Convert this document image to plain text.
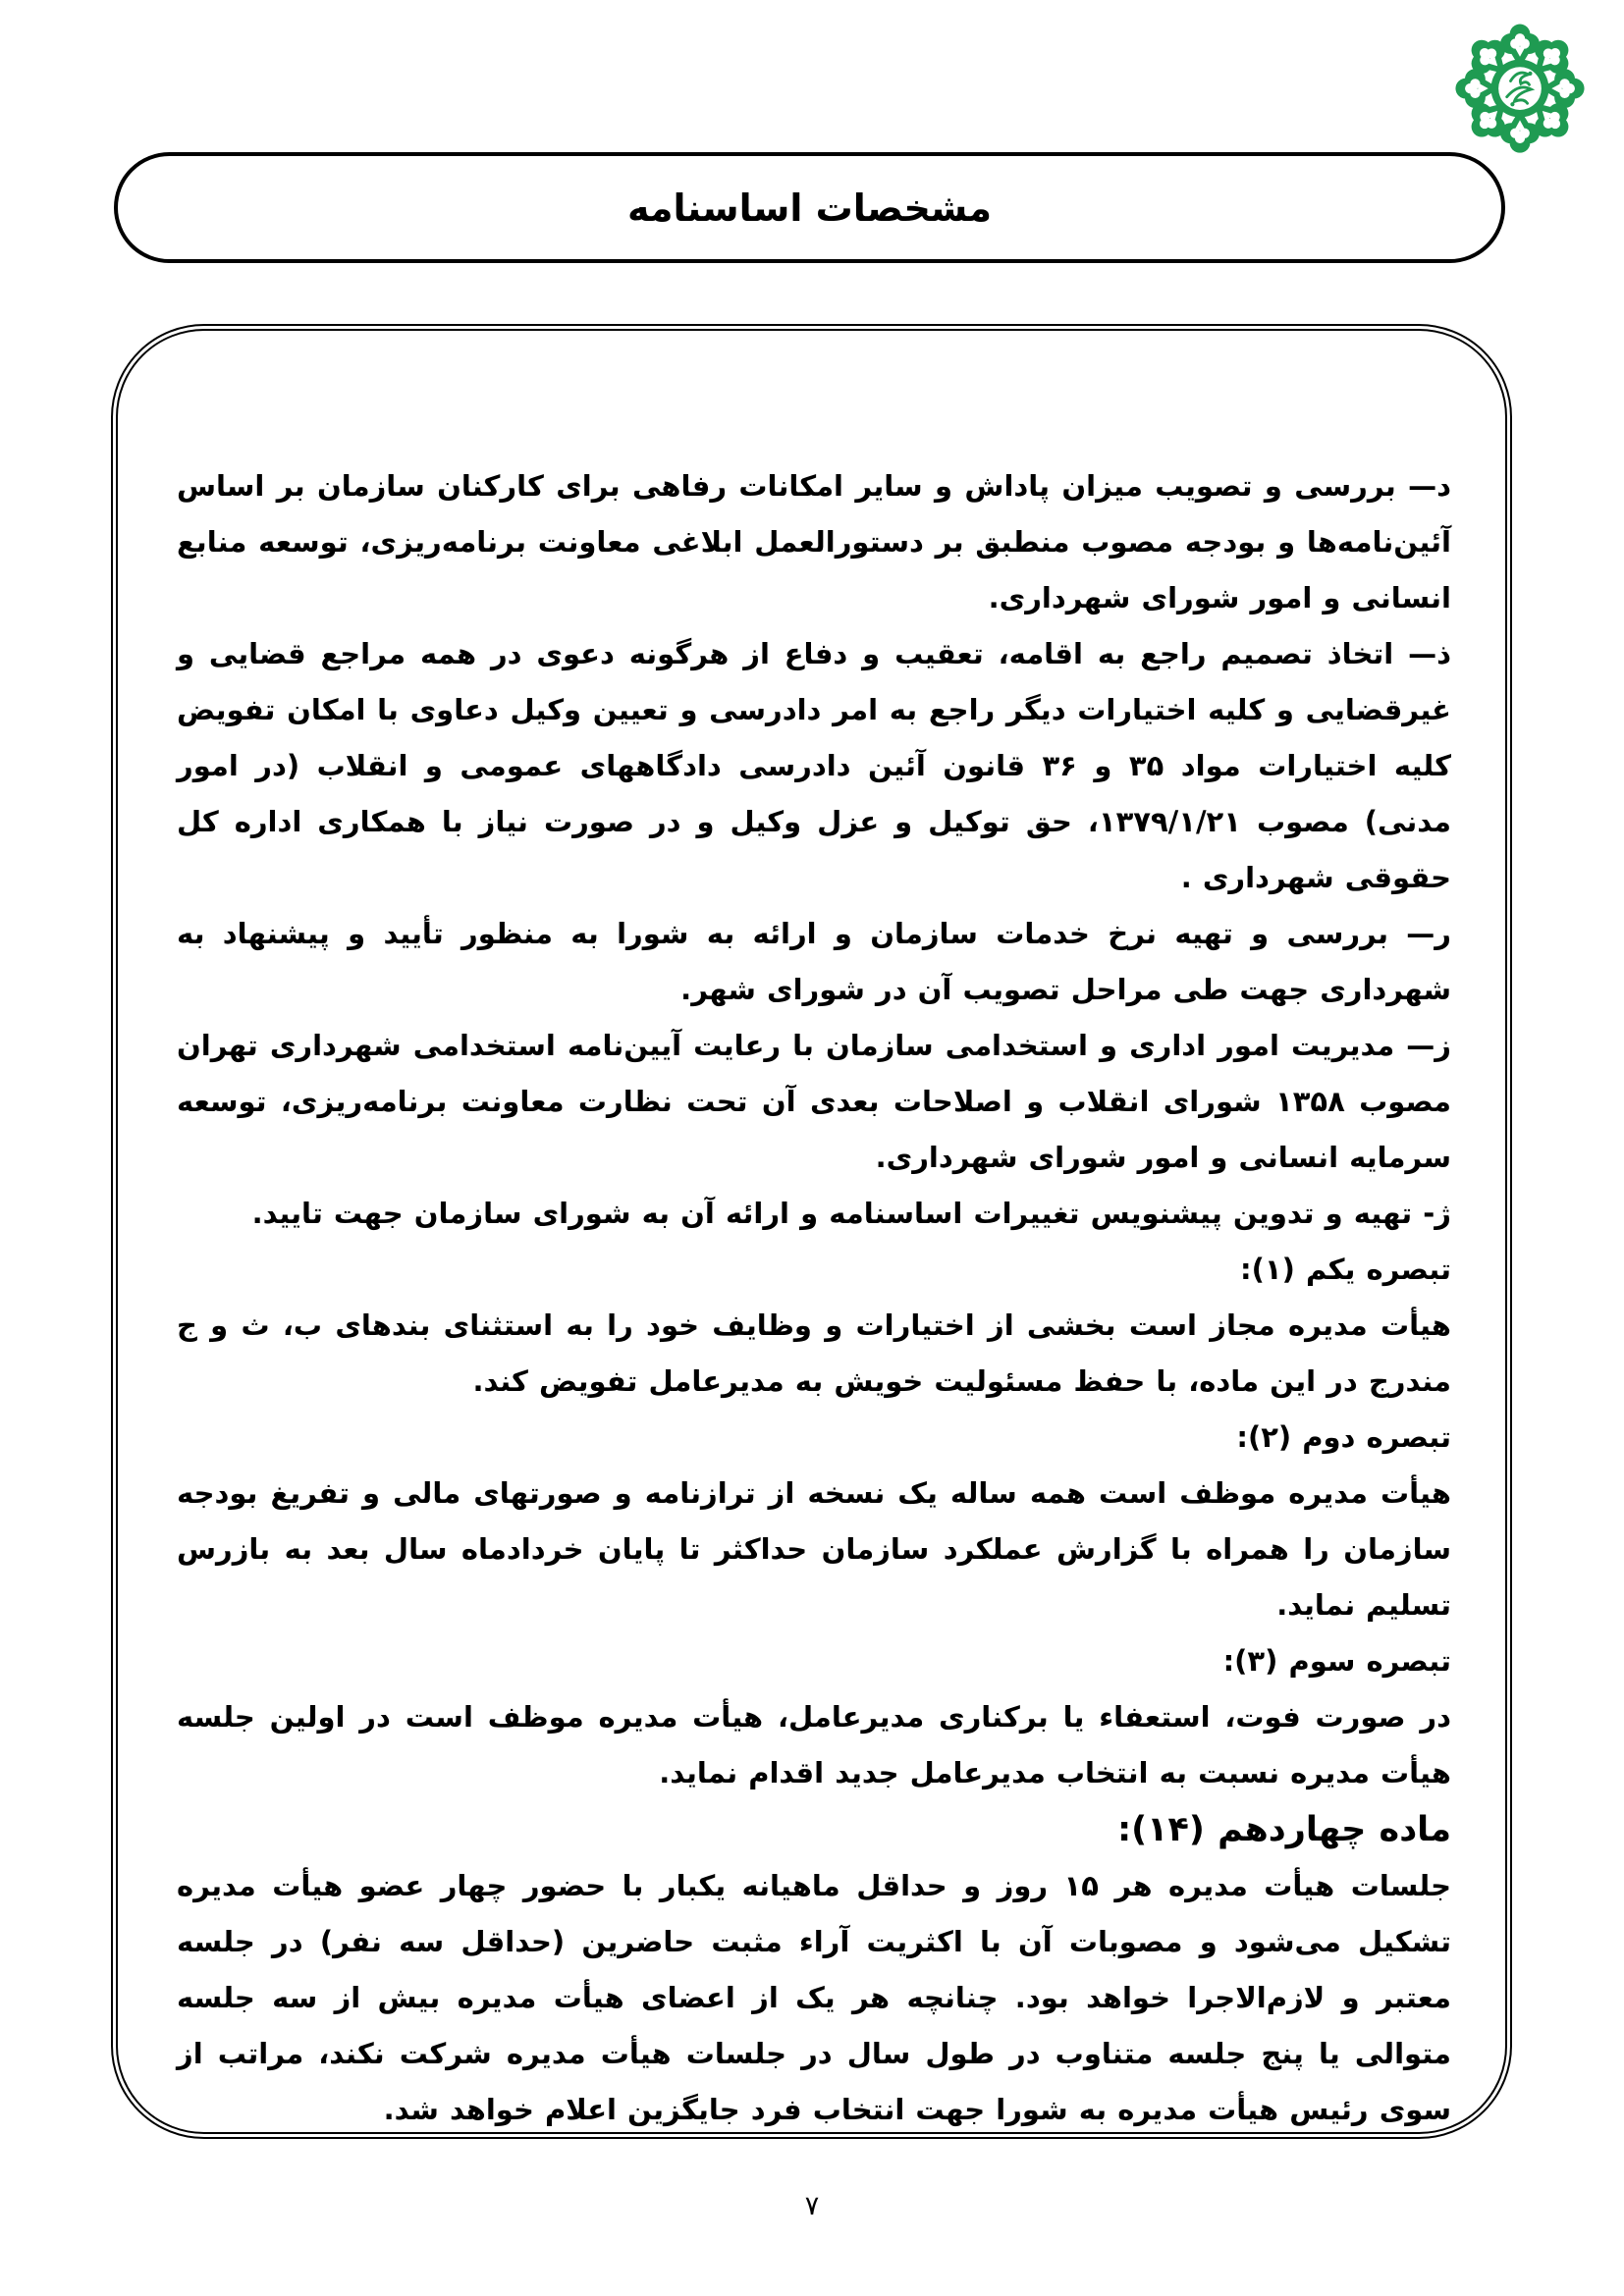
مشخصات اساسنامه
د— بررسی و تصویب میزان پاداش و سایر امکانات رفاهی برای کارکنان سازمان بر اساس آئین‌نامه‌ها و بودجه مصوب منطبق بر دستورالعمل ابلاغی معاونت برنامه‌ریزی، توسعه منابع انسانی و امور شورای شهرداری.
ذ— اتخاذ تصمیم راجع به اقامه، تعقیب و دفاع از هرگونه دعوی در همه مراجع قضایی و غیرقضایی و کلیه اختیارات دیگر راجع به امر دادرسی و تعیین وکیل دعاوی با امکان تفویض کلیه اختیارات مواد ۳۵ و ۳۶ قانون آئین دادرسی دادگاههای عمومی و انقلاب (در امور مدنی) مصوب ۱۳۷۹/۱/۲۱، حق توکیل و عزل وکیل و در صورت نیاز با همکاری اداره کل حقوقی شهرداری .
ر— بررسی و تهیه نرخ خدمات سازمان و ارائه به شورا به منظور تأیید و پیشنهاد به شهرداری جهت طی مراحل تصویب آن در شورای شهر.
ز— مدیریت امور اداری و استخدامی سازمان با رعایت آیین‌نامه استخدامی شهرداری تهران مصوب ۱۳۵۸ شورای انقلاب و اصلاحات بعدی آن تحت نظارت معاونت برنامه‌ریزی، توسعه سرمایه انسانی و امور شورای شهرداری.
ژ- تهیه و تدوین پیشنویس تغییرات اساسنامه و ارائه آن به شورای سازمان جهت تایید.
تبصره یکم (۱):
هیأت مدیره مجاز است بخشی از اختیارات و وظایف خود را به استثنای بندهای ب، ث و ج مندرج در این ماده، با حفظ مسئولیت خویش به مدیرعامل تفویض کند.
تبصره دوم (۲):
هیأت مدیره موظف است همه ساله یک نسخه از ترازنامه و صورتهای مالی و تفریغ بودجه سازمان را همراه با گزارش عملکرد سازمان حداکثر تا پایان خردادماه سال بعد به بازرس تسلیم نماید.
تبصره سوم (۳):
در صورت فوت، استعفاء یا برکناری مدیرعامل، هیأت مدیره موظف است در اولین جلسه هیأت مدیره نسبت به انتخاب مدیرعامل جدید اقدام نماید.
ماده چهاردهم (۱۴):
جلسات هیأت مدیره هر ۱۵ روز و حداقل ماهیانه یکبار با حضور چهار عضو هیأت مدیره تشکیل می‌شود و مصوبات آن با اکثریت آراء مثبت حاضرین (حداقل سه نفر) در جلسه معتبر و لازم‌الاجرا خواهد بود. چنانچه هر یک از اعضای هیأت مدیره بیش از سه جلسه متوالی یا پنج جلسه متناوب در طول سال در جلسات هیأت مدیره شرکت نکند، مراتب از سوی رئیس هیأت مدیره به شورا جهت انتخاب فرد جایگزین اعلام خواهد شد.
۷
